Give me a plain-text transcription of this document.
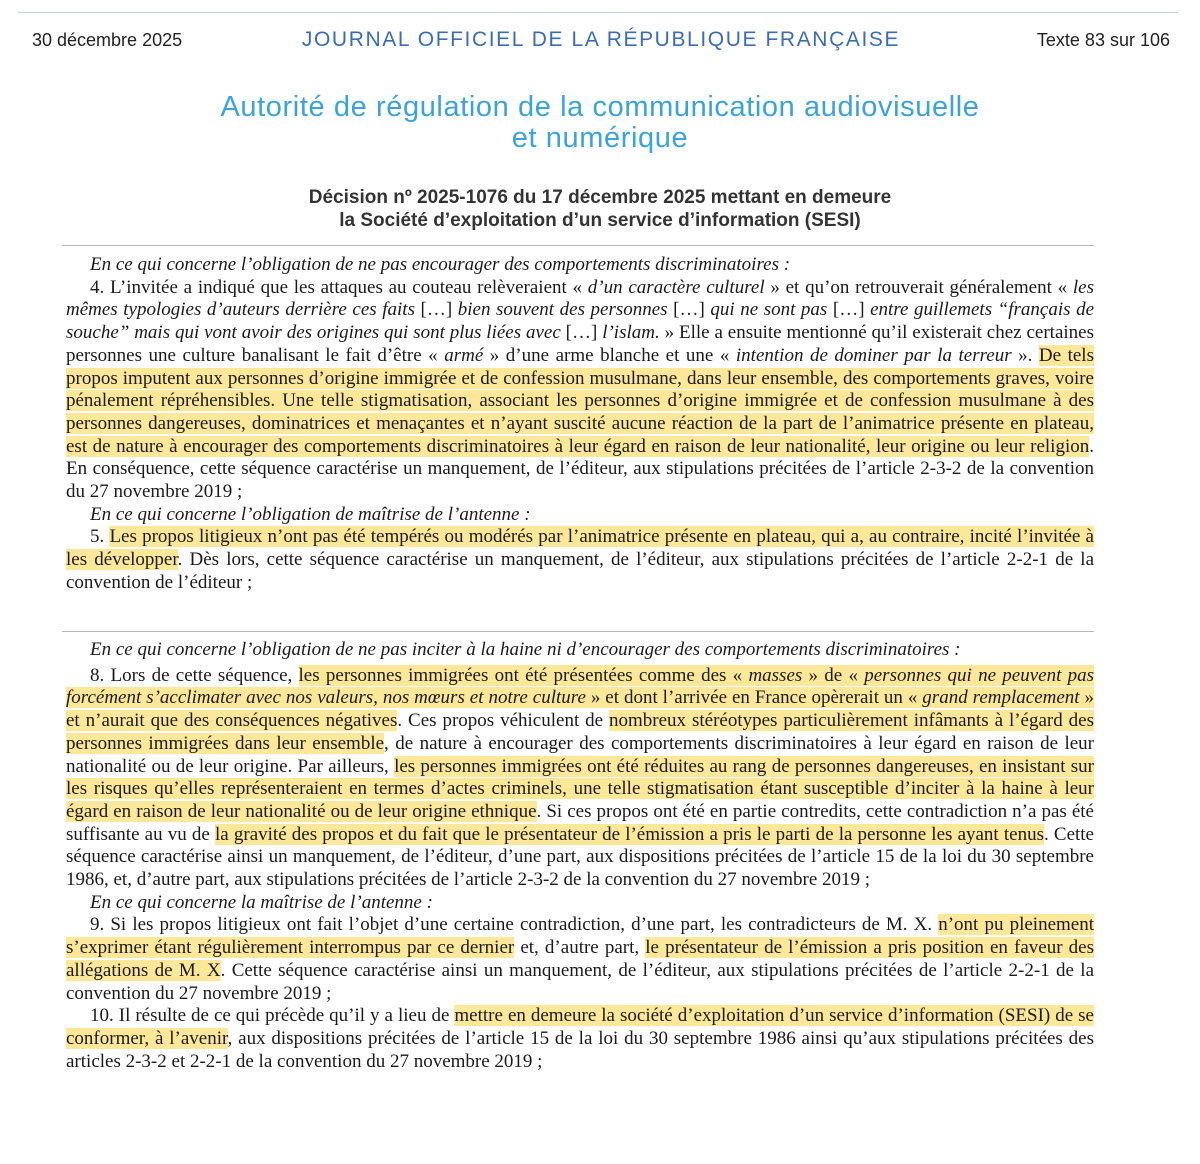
30 décembre 2025	JOURNAL OFFICIEL DE LA RÉPUBLIQUE FRANÇAISE	Texte 83 sur 106
Autorité de régulation de la communication audiovisuelle
et numérique
Décision nº 2025-1076 du 17 décembre 2025 mettant en demeure
la Société d’exploitation d’un service d’information (SESI)

En ce qui concerne l’obligation de ne pas encourager des comportements discriminatoires :

4. L’invitée a indiqué que les attaques au couteau relèveraient « d’un caractère culturel » et qu’on retrouverait généralement « les mêmes typologies d’auteurs derrière ces faits […] bien souvent des personnes […] qui ne sont pas […] entre guillemets “français de souche” mais qui vont avoir des origines qui sont plus liées avec […] l’islam. » Elle a ensuite mentionné qu’il existerait chez certaines personnes une culture banalisant le fait d’être « armé » d’une arme blanche et une « intention de dominer par la terreur ». De tels propos imputent aux personnes d’origine immigrée et de confession musulmane, dans leur ensemble, des comportements graves, voire pénalement répréhensibles. Une telle stigmatisation, associant les personnes d’origine immigrée et de confession musulmane à des personnes dangereuses, dominatrices et menaçantes et n’ayant suscité aucune réaction de la part de l’animatrice présente en plateau, est de nature à encourager des comportements discriminatoires à leur égard en raison de leur nationalité, leur origine ou leur religion. En conséquence, cette séquence caractérise un manquement, de l’éditeur, aux stipulations précitées de l’article 2-3-2 de la convention du 27 novembre 2019 ;

En ce qui concerne l’obligation de maîtrise de l’antenne :

5. Les propos litigieux n’ont pas été tempérés ou modérés par l’animatrice présente en plateau, qui a, au contraire, incité l’invitée à les développer. Dès lors, cette séquence caractérise un manquement, de l’éditeur, aux stipulations précitées de l’article 2-2-1 de la convention de l’éditeur ;

En ce qui concerne l’obligation de ne pas inciter à la haine ni d’encourager des comportements discriminatoires :

8. Lors de cette séquence, les personnes immigrées ont été présentées comme des « masses » de « personnes qui ne peuvent pas forcément s’acclimater avec nos valeurs, nos mœurs et notre culture » et dont l’arrivée en France opèrerait un « grand remplacement » et n’aurait que des conséquences négatives. Ces propos véhiculent de nombreux stéréotypes particulièrement infâmants à l’égard des personnes immigrées dans leur ensemble, de nature à encourager des comportements discriminatoires à leur égard en raison de leur nationalité ou de leur origine. Par ailleurs, les personnes immigrées ont été réduites au rang de personnes dangereuses, en insistant sur les risques qu’elles représenteraient en termes d’actes criminels, une telle stigmatisation étant susceptible d’inciter à la haine à leur égard en raison de leur nationalité ou de leur origine ethnique. Si ces propos ont été en partie contredits, cette contradiction n’a pas été suffisante au vu de la gravité des propos et du fait que le présentateur de l’émission a pris le parti de la personne les ayant tenus. Cette séquence caractérise ainsi un manquement, de l’éditeur, d’une part, aux dispositions précitées de l’article 15 de la loi du 30 septembre 1986, et, d’autre part, aux stipulations précitées de l’article 2-3-2 de la convention du 27 novembre 2019 ;

En ce qui concerne la maîtrise de l’antenne :

9. Si les propos litigieux ont fait l’objet d’une certaine contradiction, d’une part, les contradicteurs de M. X. n’ont pu pleinement s’exprimer étant régulièrement interrompus par ce dernier et, d’autre part, le présentateur de l’émission a pris position en faveur des allégations de M. X. Cette séquence caractérise ainsi un manquement, de l’éditeur, aux stipulations précitées de l’article 2-2-1 de la convention du 27 novembre 2019 ;

10. Il résulte de ce qui précède qu’il y a lieu de mettre en demeure la société d’exploitation d’un service d’information (SESI) de se conformer, à l’avenir, aux dispositions précitées de l’article 15 de la loi du 30 septembre 1986 ainsi qu’aux stipulations précitées des articles 2-3-2 et 2-2-1 de la convention du 27 novembre 2019 ;
